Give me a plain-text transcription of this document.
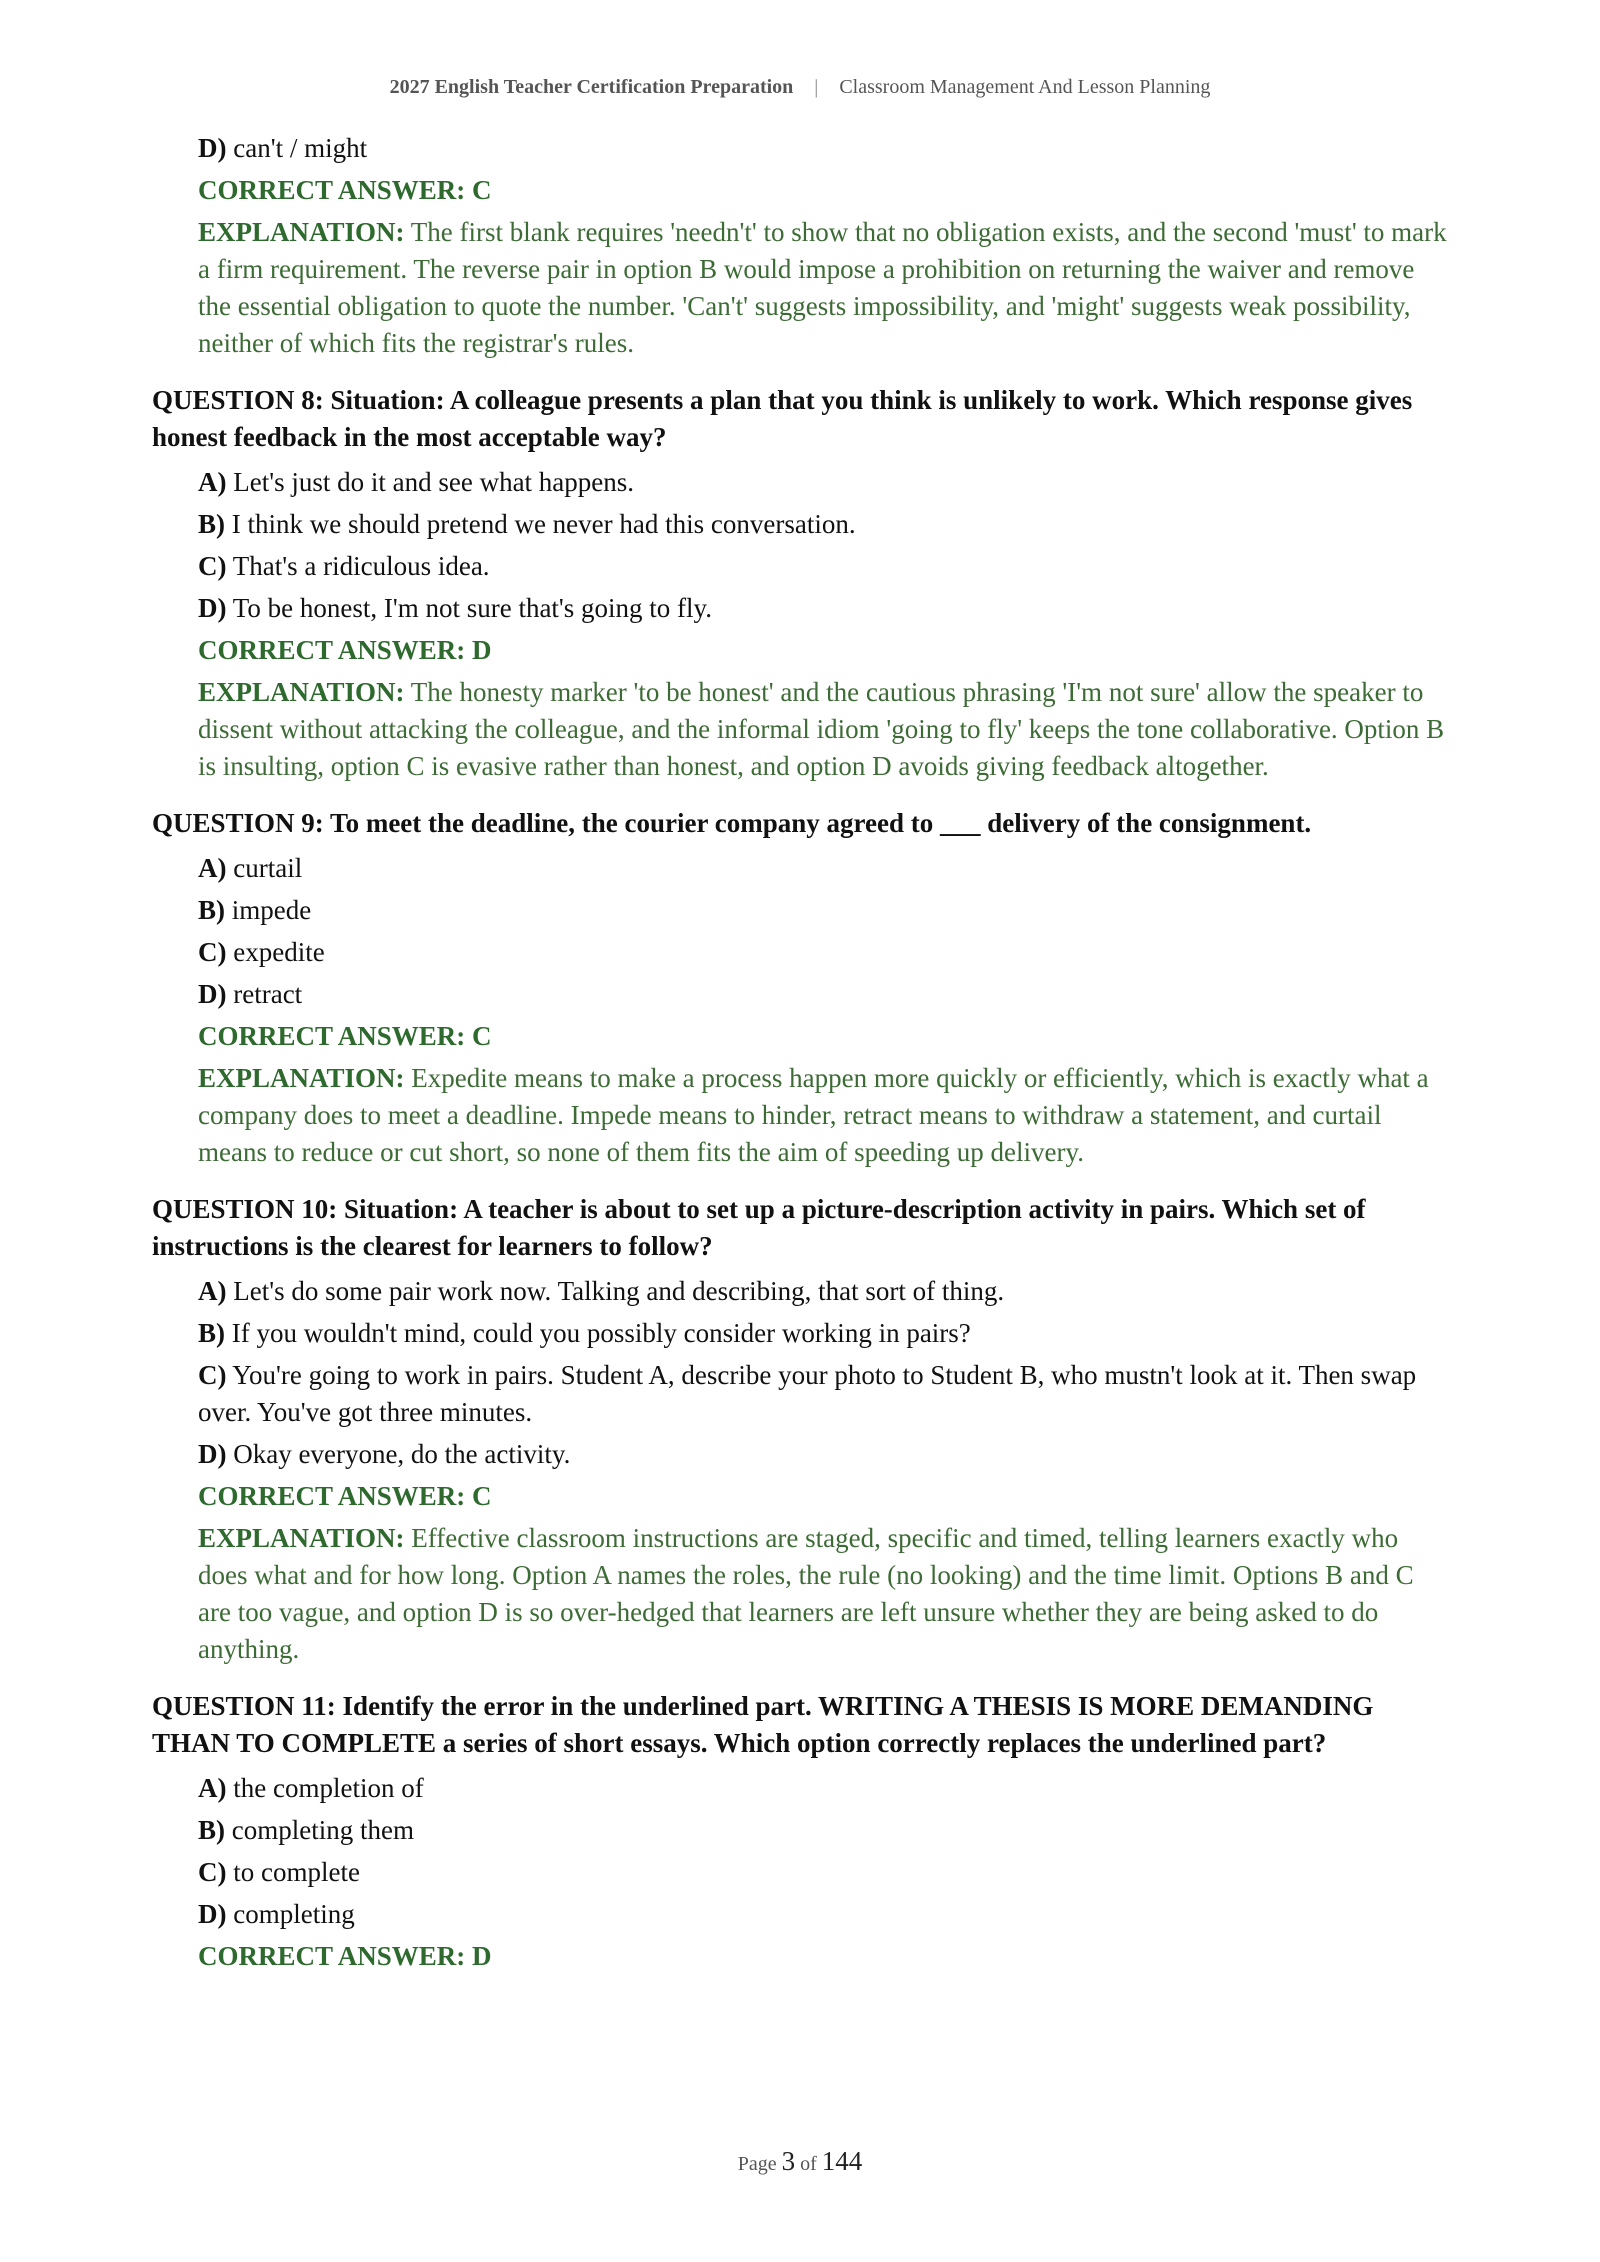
2027 English Teacher Certification Preparation | Classroom Management And Lesson Planning
D) can't / might
CORRECT ANSWER: C
EXPLANATION: The first blank requires 'needn't' to show that no obligation exists, and the second 'must' to mark a firm requirement. The reverse pair in option B would impose a prohibition on returning the waiver and remove the essential obligation to quote the number. 'Can't' suggests impossibility, and 'might' suggests weak possibility, neither of which fits the registrar's rules.
QUESTION 8: Situation: A colleague presents a plan that you think is unlikely to work. Which response gives honest feedback in the most acceptable way?
A) Let's just do it and see what happens.
B) I think we should pretend we never had this conversation.
C) That's a ridiculous idea.
D) To be honest, I'm not sure that's going to fly.
CORRECT ANSWER: D
EXPLANATION: The honesty marker 'to be honest' and the cautious phrasing 'I'm not sure' allow the speaker to dissent without attacking the colleague, and the informal idiom 'going to fly' keeps the tone collaborative. Option B is insulting, option C is evasive rather than honest, and option D avoids giving feedback altogether.
QUESTION 9: To meet the deadline, the courier company agreed to ___ delivery of the consignment.
A) curtail
B) impede
C) expedite
D) retract
CORRECT ANSWER: C
EXPLANATION: Expedite means to make a process happen more quickly or efficiently, which is exactly what a company does to meet a deadline. Impede means to hinder, retract means to withdraw a statement, and curtail means to reduce or cut short, so none of them fits the aim of speeding up delivery.
QUESTION 10: Situation: A teacher is about to set up a picture-description activity in pairs. Which set of instructions is the clearest for learners to follow?
A) Let's do some pair work now. Talking and describing, that sort of thing.
B) If you wouldn't mind, could you possibly consider working in pairs?
C) You're going to work in pairs. Student A, describe your photo to Student B, who mustn't look at it. Then swap over. You've got three minutes.
D) Okay everyone, do the activity.
CORRECT ANSWER: C
EXPLANATION: Effective classroom instructions are staged, specific and timed, telling learners exactly who does what and for how long. Option A names the roles, the rule (no looking) and the time limit. Options B and C are too vague, and option D is so over-hedged that learners are left unsure whether they are being asked to do anything.
QUESTION 11: Identify the error in the underlined part. WRITING A THESIS IS MORE DEMANDING THAN TO COMPLETE a series of short essays. Which option correctly replaces the underlined part?
A) the completion of
B) completing them
C) to complete
D) completing
CORRECT ANSWER: D
Page 3 of 144
